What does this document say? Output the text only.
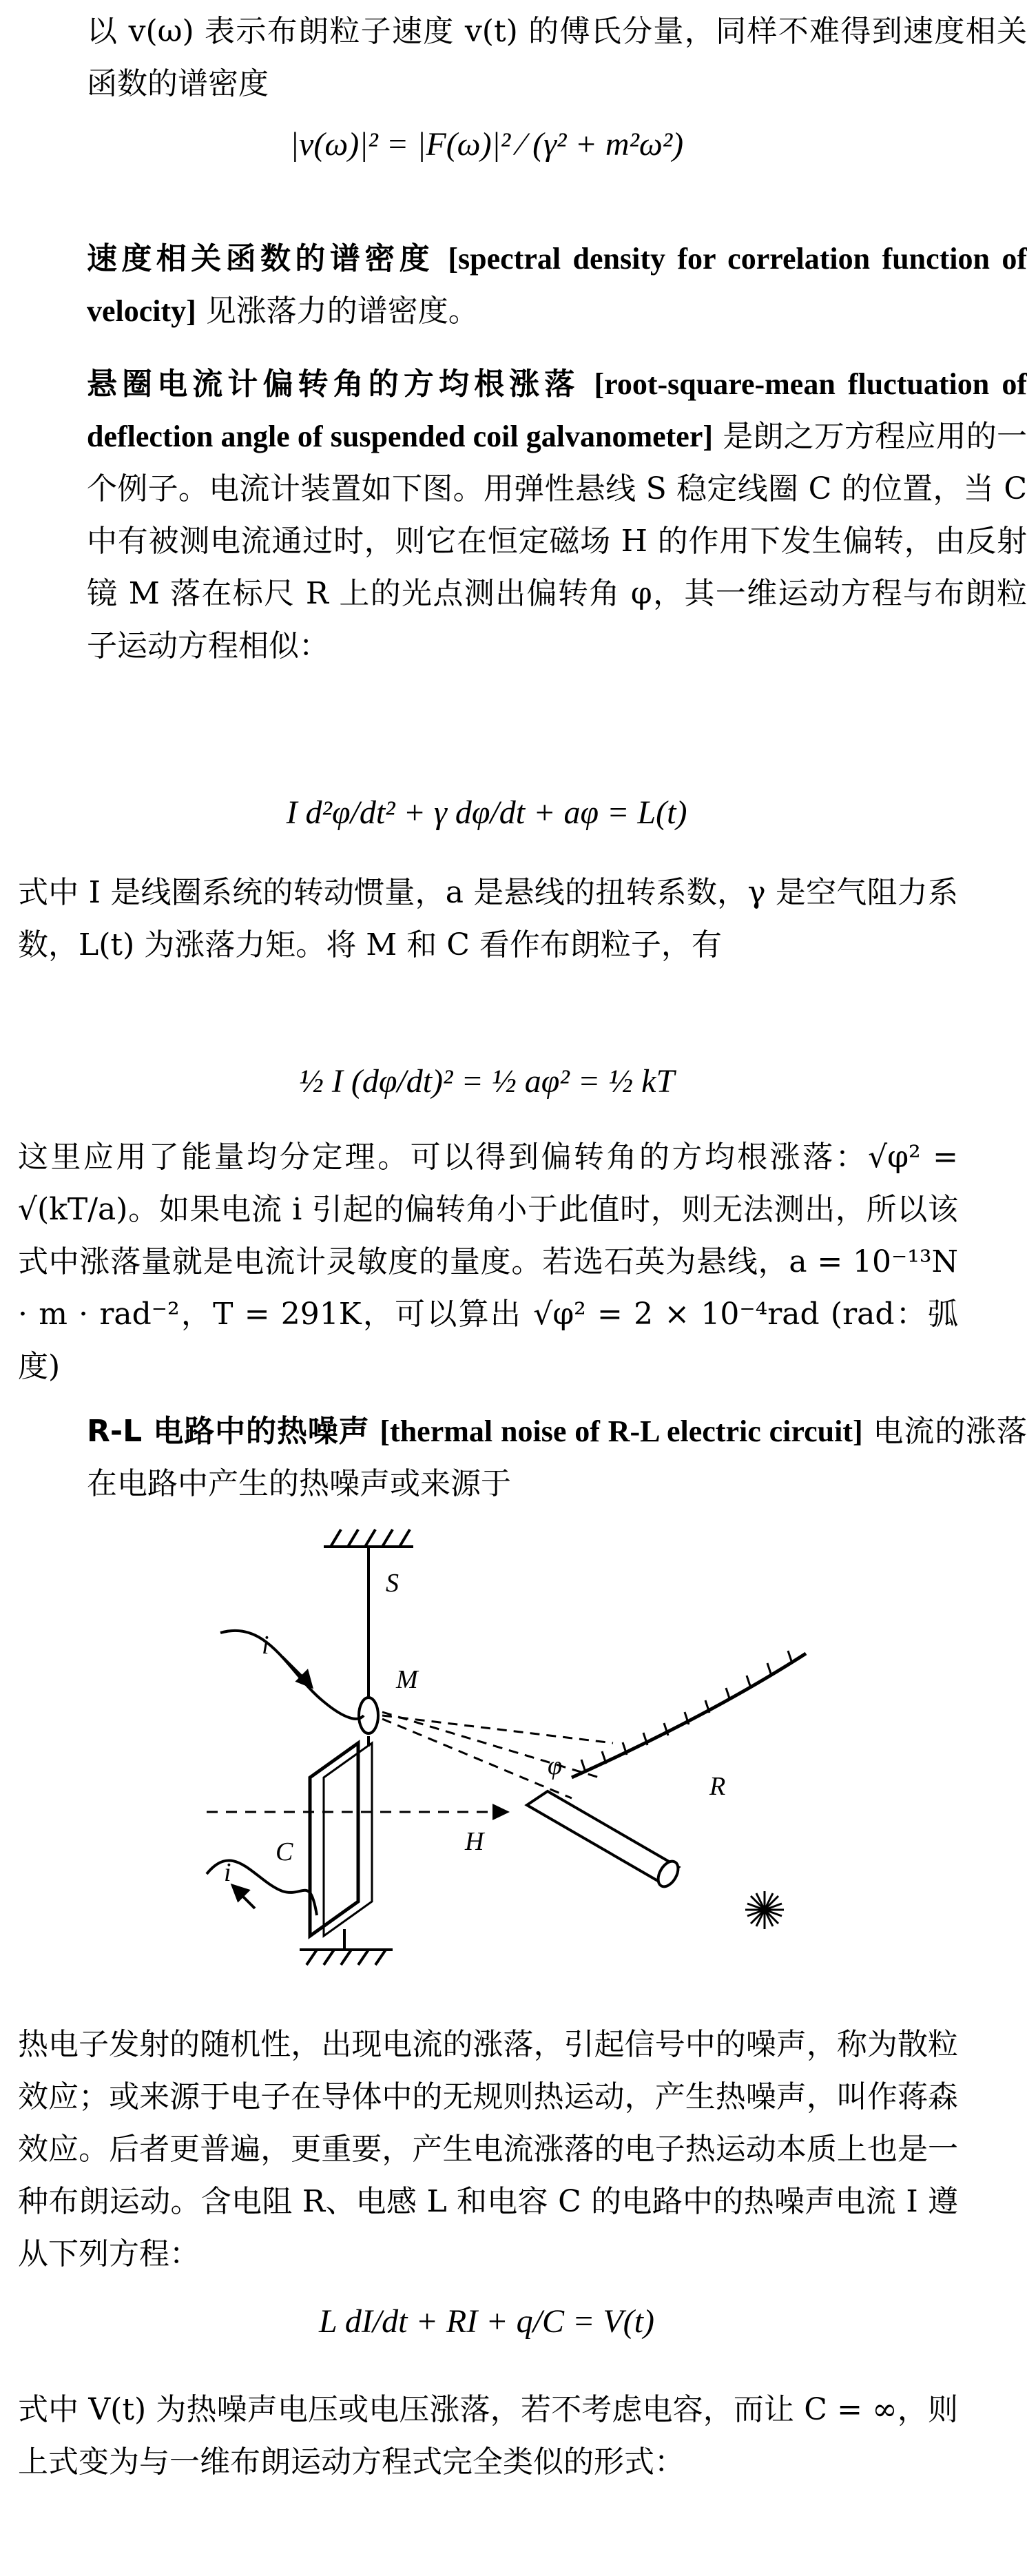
以 v(ω) 表示布朗粒子速度 v(t) 的傅氏分量，同样不难得到速度相关函数的谱密度
|v(ω)|² = |F(ω)|² ⁄ (γ² + m²ω²)
速度相关函数的谱密度 [spectral density for correlation function of velocity] 见涨落力的谱密度。
悬圈电流计偏转角的方均根涨落 [root-square-mean fluctuation of deflection angle of suspended coil galvanometer] 是朗之万方程应用的一个例子。电流计装置如下图。用弹性悬线 S 稳定线圈 C 的位置，当 C 中有被测电流通过时，则它在恒定磁场 H 的作用下发生偏转，由反射镜 M 落在标尺 R 上的光点测出偏转角 φ，其一维运动方程与布朗粒子运动方程相似：
I d²φ/dt² + γ dφ/dt + aφ = L(t)
式中 I 是线圈系统的转动惯量，a 是悬线的扭转系数，γ 是空气阻力系数，L(t) 为涨落力矩。将 M 和 C 看作布朗粒子，有
½ I (dφ/dt)² = ½ aφ² = ½ kT
这里应用了能量均分定理。可以得到偏转角的方均根涨落：√φ² = √(kT/a)。如果电流 i 引起的偏转角小于此值时，则无法测出，所以该式中涨落量就是电流计灵敏度的量度。若选石英为悬线，a = 10⁻¹³N · m · rad⁻²，T = 291K，可以算出 √φ² = 2 × 10⁻⁴rad (rad：弧度)
R-L 电路中的热噪声 [thermal noise of R-L electric circuit] 电流的涨落在电路中产生的热噪声或来源于
S
M
i
φ
R
H
C
i
热电子发射的随机性，出现电流的涨落，引起信号中的噪声，称为散粒效应；或来源于电子在导体中的无规则热运动，产生热噪声，叫作蒋森效应。后者更普遍，更重要，产生电流涨落的电子热运动本质上也是一种布朗运动。含电阻 R、电感 L 和电容 C 的电路中的热噪声电流 I 遵从下列方程：
L dI/dt + RI + q/C = V(t)
式中 V(t) 为热噪声电压或电压涨落，若不考虑电容，而让 C = ∞，则上式变为与一维布朗运动方程式完全类似的形式：
